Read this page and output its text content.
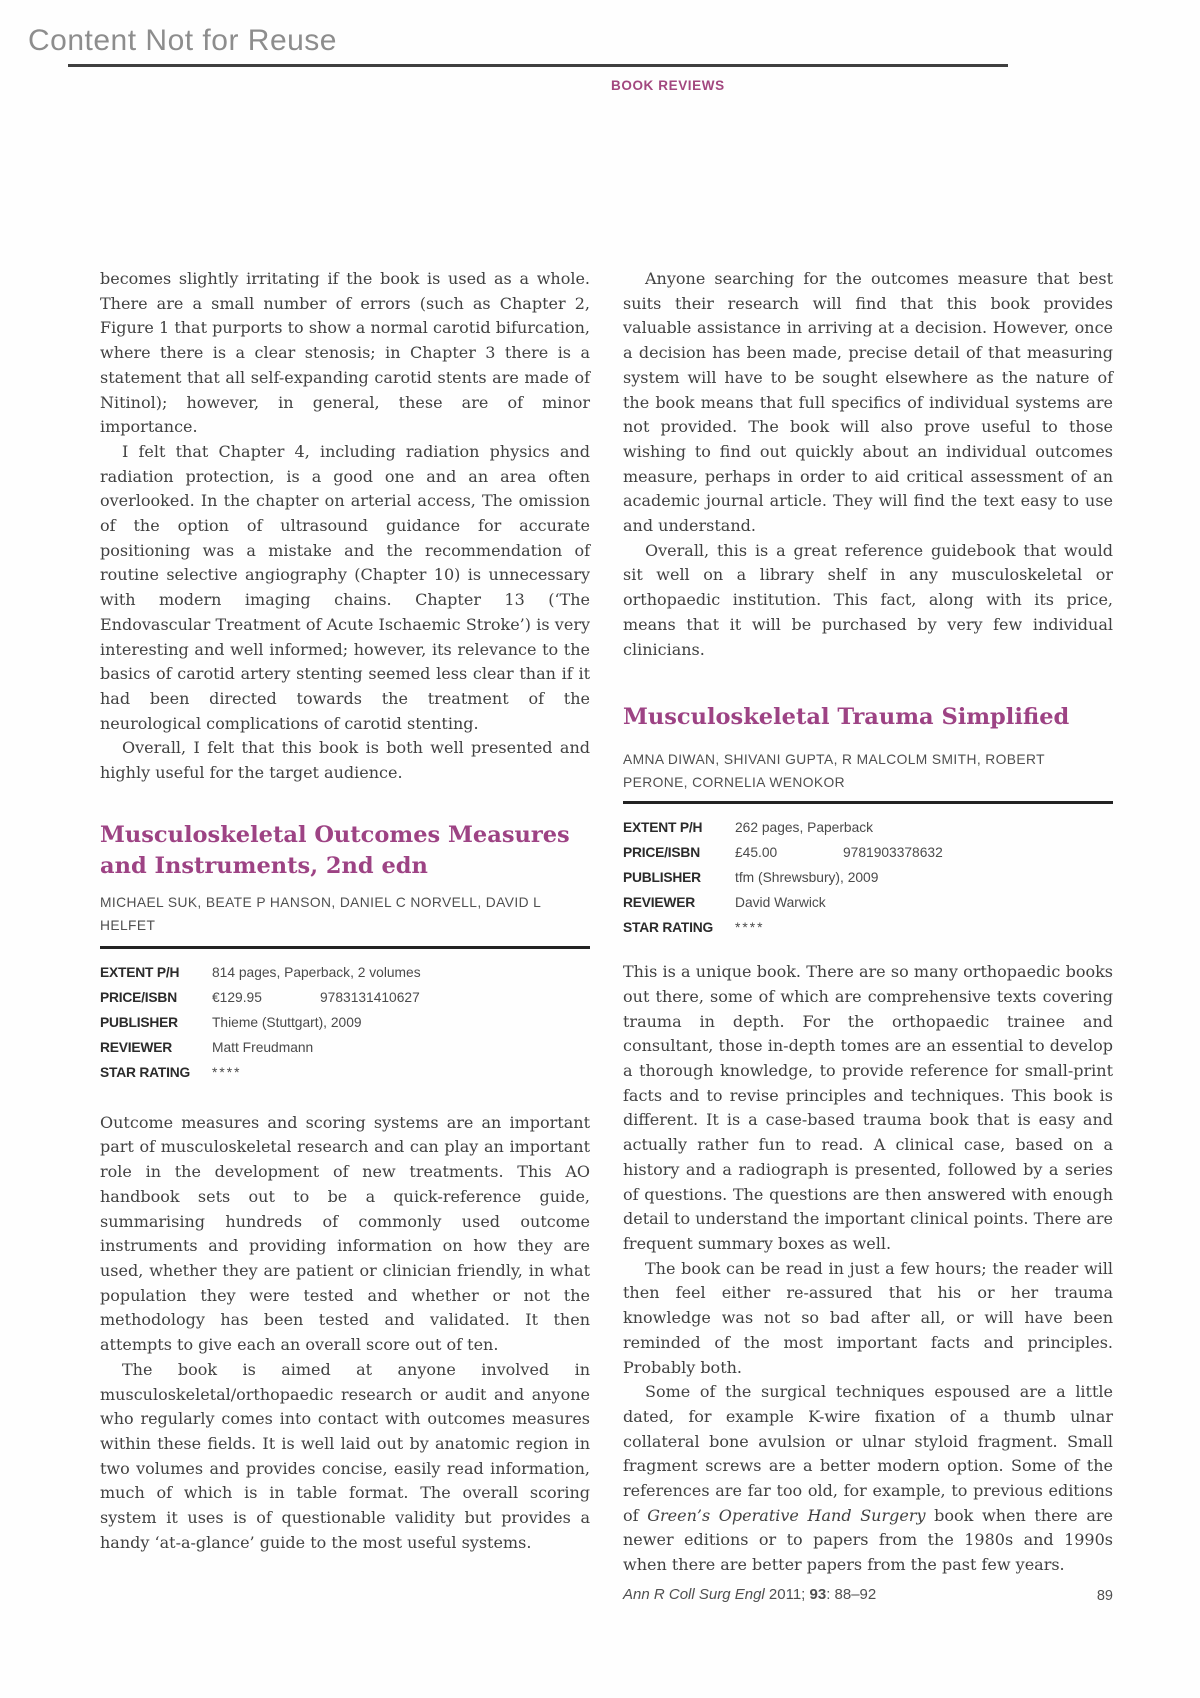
Content Not for Reuse
BOOK REVIEWS

becomes slightly irritating if the book is used as a whole. There are a small number of errors (such as Chapter 2, Figure 1 that purports to show a normal carotid bifurcation, where there is a clear stenosis; in Chapter 3 there is a statement that all self-expanding carotid stents are made of Nitinol); however, in general, these are of minor importance.

I felt that Chapter 4, including radiation physics and radiation protection, is a good one and an area often overlooked. In the chapter on arterial access, The omission of the option of ultrasound guidance for accurate positioning was a mistake and the recommendation of routine selective angiography (Chapter 10) is unnecessary with modern imaging chains. Chapter 13 (‘The Endovascular Treatment of Acute Ischaemic Stroke’) is very interesting and well informed; however, its relevance to the basics of carotid artery stenting seemed less clear than if it had been directed towards the treatment of the neurological complications of carotid stenting.

Overall, I felt that this book is both well presented and highly useful for the target audience.

Musculoskeletal Outcomes Measures and Instruments, 2nd edn
MICHAEL SUK, BEATE P HANSON, DANIEL C NORVELL, DAVID L HELFET
EXTENT P/H	814 pages, Paperback, 2 volumes
PRICE/ISBN	€129.95	9783131410627
PUBLISHER	Thieme (Stuttgart), 2009
REVIEWER	Matt Freudmann
STAR RATING	****

Outcome measures and scoring systems are an important part of musculoskeletal research and can play an important role in the development of new treatments. This AO handbook sets out to be a quick-reference guide, summarising hundreds of commonly used outcome instruments and providing information on how they are used, whether they are patient or clinician friendly, in what population they were tested and whether or not the methodology has been tested and validated. It then attempts to give each an overall score out of ten.

The book is aimed at anyone involved in musculoskeletal/orthopaedic research or audit and anyone who regularly comes into contact with outcomes measures within these fields. It is well laid out by anatomic region in two volumes and provides concise, easily read information, much of which is in table format. The overall scoring system it uses is of questionable validity but provides a handy ‘at-a-glance’ guide to the most useful systems.

Anyone searching for the outcomes measure that best suits their research will find that this book provides valuable assistance in arriving at a decision. However, once a decision has been made, precise detail of that measuring system will have to be sought elsewhere as the nature of the book means that full specifics of individual systems are not provided. The book will also prove useful to those wishing to find out quickly about an individual outcomes measure, perhaps in order to aid critical assessment of an academic journal article. They will find the text easy to use and understand.

Overall, this is a great reference guidebook that would sit well on a library shelf in any musculoskeletal or orthopaedic institution. This fact, along with its price, means that it will be purchased by very few individual clinicians.

Musculoskeletal Trauma Simplified
AMNA DIWAN, SHIVANI GUPTA, R MALCOLM SMITH, ROBERT PERONE, CORNELIA WENOKOR
EXTENT P/H	262 pages, Paperback
PRICE/ISBN	£45.00	9781903378632
PUBLISHER	tfm (Shrewsbury), 2009
REVIEWER	David Warwick
STAR RATING	****

This is a unique book. There are so many orthopaedic books out there, some of which are comprehensive texts covering trauma in depth. For the orthopaedic trainee and consultant, those in-depth tomes are an essential to develop a thorough knowledge, to provide reference for small-print facts and to revise principles and techniques. This book is different. It is a case-based trauma book that is easy and actually rather fun to read. A clinical case, based on a history and a radiograph is presented, followed by a series of questions. The questions are then answered with enough detail to understand the important clinical points. There are frequent summary boxes as well.

The book can be read in just a few hours; the reader will then feel either re-assured that his or her trauma knowledge was not so bad after all, or will have been reminded of the most important facts and principles. Probably both.

Some of the surgical techniques espoused are a little dated, for example K-wire fixation of a thumb ulnar collateral bone avulsion or ulnar styloid fragment. Small fragment screws are a better modern option. Some of the references are far too old, for example, to previous editions of Green’s Operative Hand Surgery book when there are newer editions or to papers from the 1980s and 1990s when there are better papers from the past few years.

Ann R Coll Surg Engl 2011; 93: 88–92	89
